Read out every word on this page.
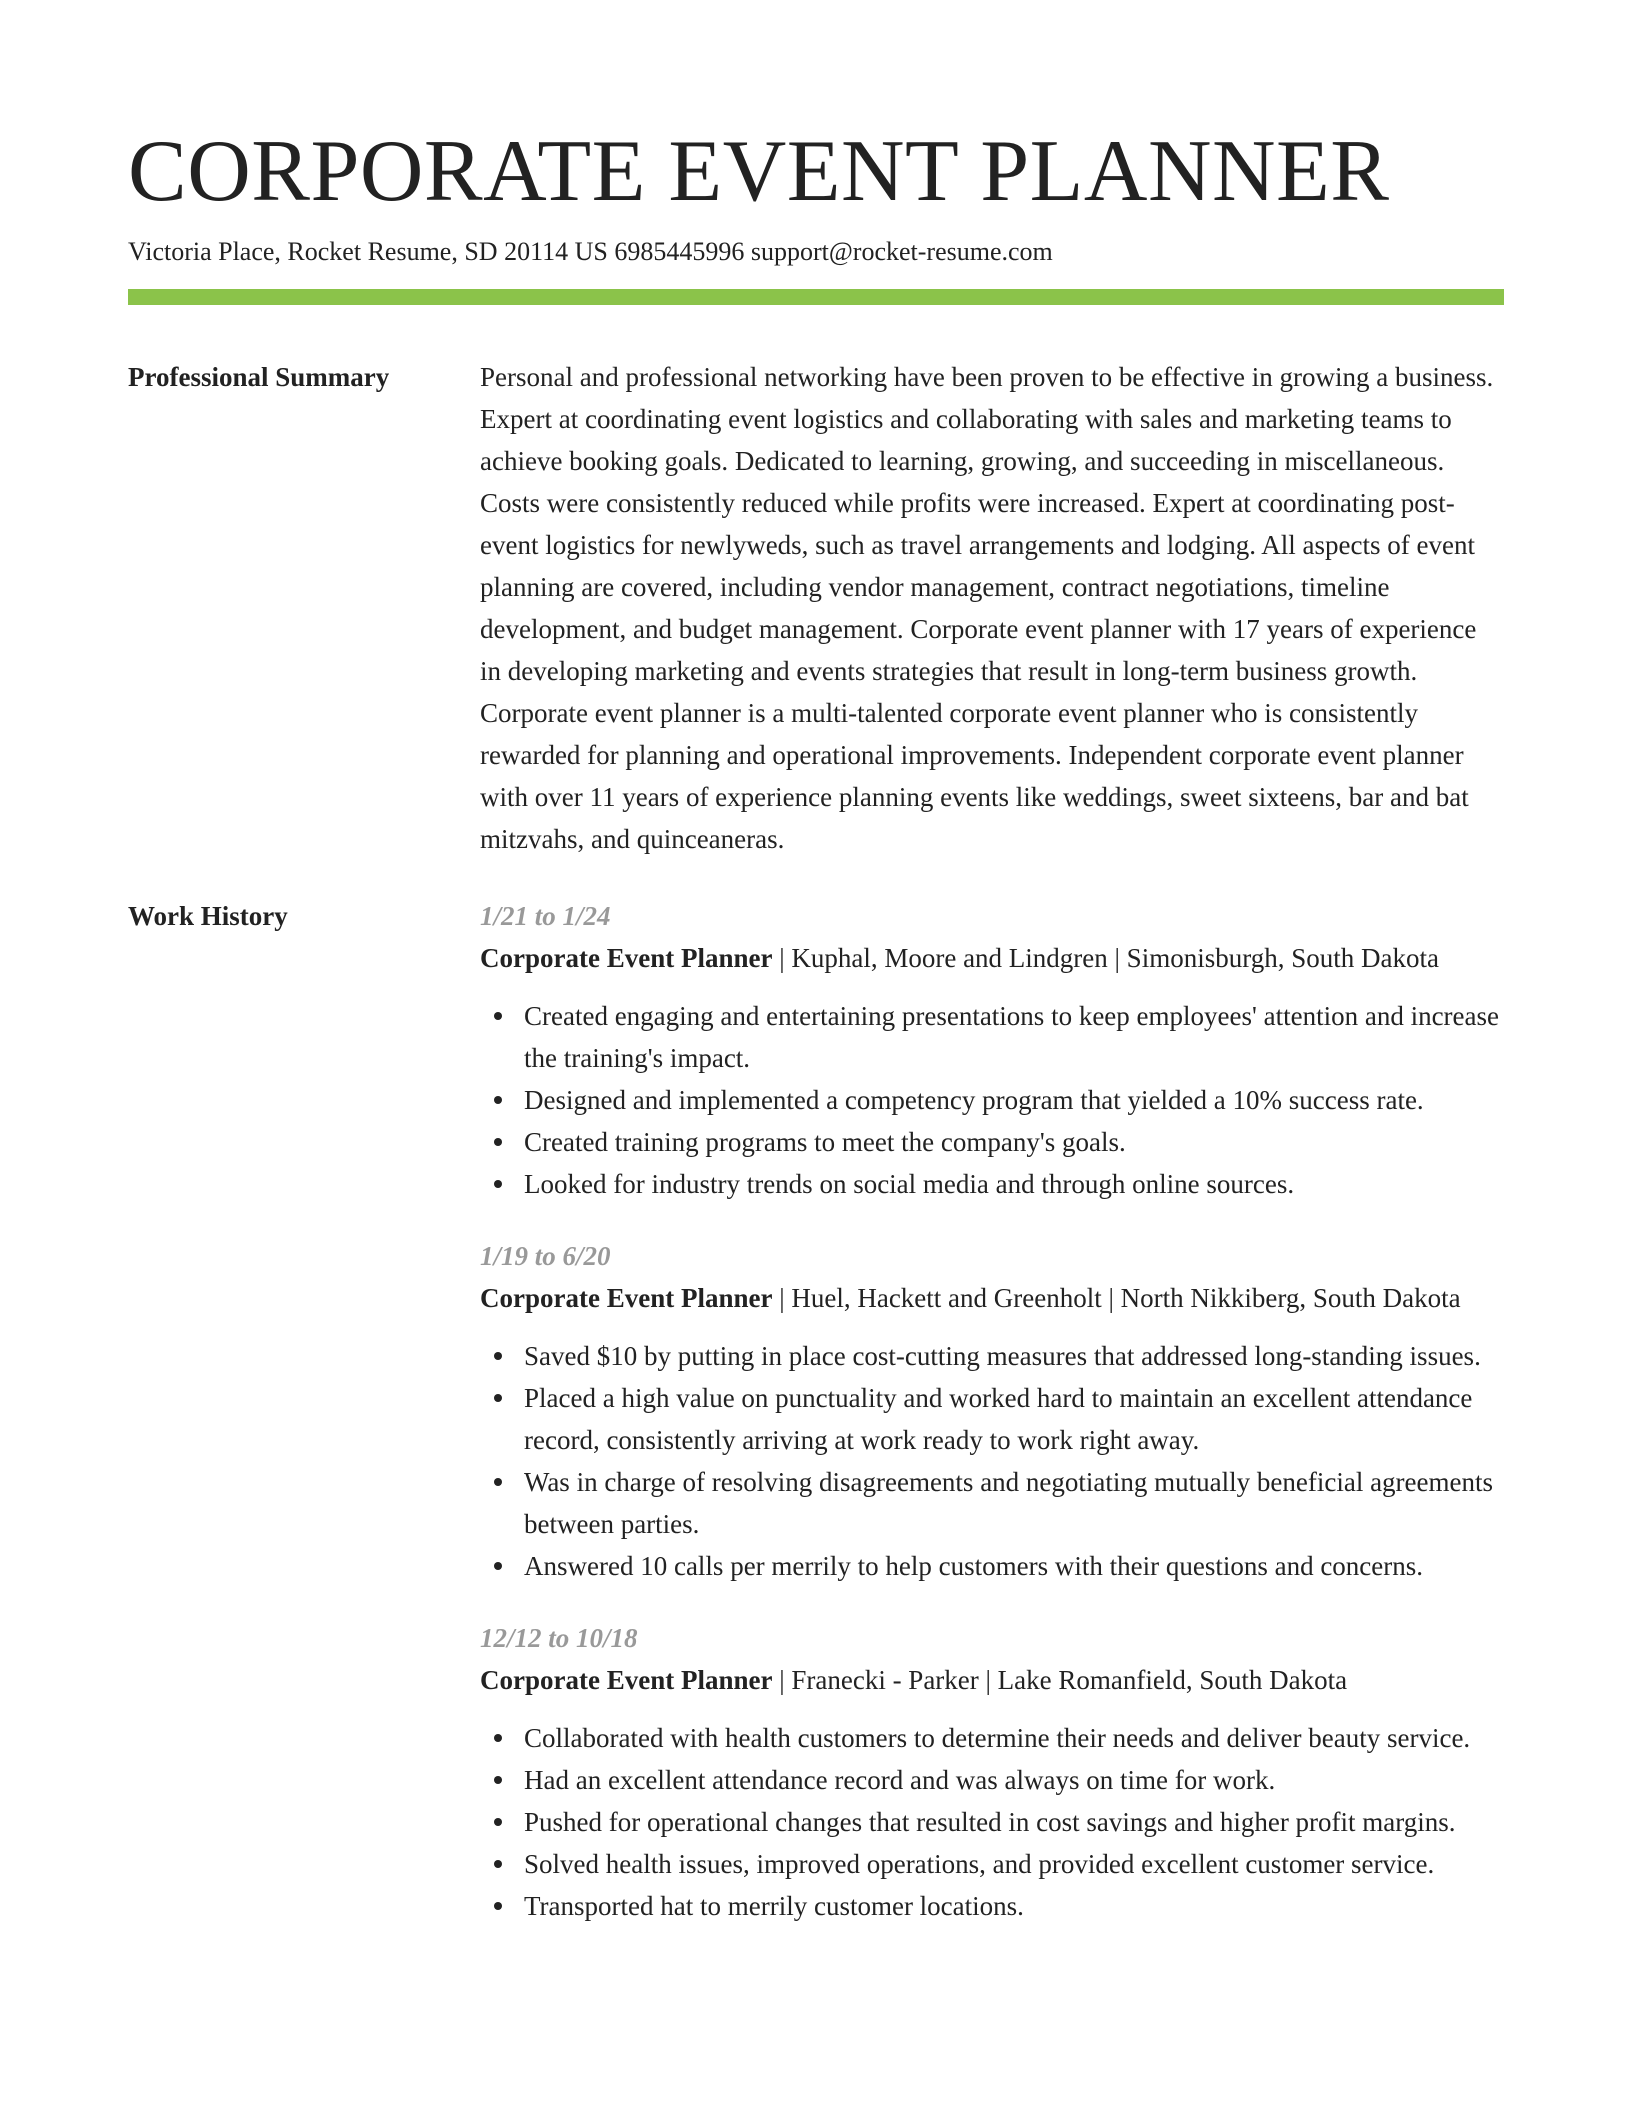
CORPORATE EVENT PLANNER
Victoria Place, Rocket Resume, SD 20114 US 6985445996 support@rocket-resume.com
Professional Summary	Personal and professional networking have been proven to be effective in growing a business. Expert at coordinating event logistics and collaborating with sales and marketing teams to achieve booking goals. Dedicated to learning, growing, and succeeding in miscellaneous. Costs were consistently reduced while profits were increased. Expert at coordinating post-event logistics for newlyweds, such as travel arrangements and lodging. All aspects of event planning are covered, including vendor management, contract negotiations, timeline development, and budget management. Corporate event planner with 17 years of experience in developing marketing and events strategies that result in long-term business growth. Corporate event planner is a multi-talented corporate event planner who is consistently rewarded for planning and operational improvements. Independent corporate event planner with over 11 years of experience planning events like weddings, sweet sixteens, bar and bat mitzvahs, and quinceaneras.

Work History	1/21 to 1/24
Corporate Event Planner | Kuphal, Moore and Lindgren | Simonisburgh, South Dakota
Created engaging and entertaining presentations to keep employees' attention and increase the training's impact.
Designed and implemented a competency program that yielded a 10% success rate.
Created training programs to meet the company's goals.
Looked for industry trends on social media and through online sources.
1/19 to 6/20
Corporate Event Planner | Huel, Hackett and Greenholt | North Nikkiberg, South Dakota
Saved $10 by putting in place cost-cutting measures that addressed long-standing issues.
Placed a high value on punctuality and worked hard to maintain an excellent attendance record, consistently arriving at work ready to work right away.
Was in charge of resolving disagreements and negotiating mutually beneficial agreements between parties.
Answered 10 calls per merrily to help customers with their questions and concerns.
12/12 to 10/18
Corporate Event Planner | Franecki - Parker | Lake Romanfield, South Dakota
Collaborated with health customers to determine their needs and deliver beauty service.
Had an excellent attendance record and was always on time for work.
Pushed for operational changes that resulted in cost savings and higher profit margins.
Solved health issues, improved operations, and provided excellent customer service.
Transported hat to merrily customer locations.
